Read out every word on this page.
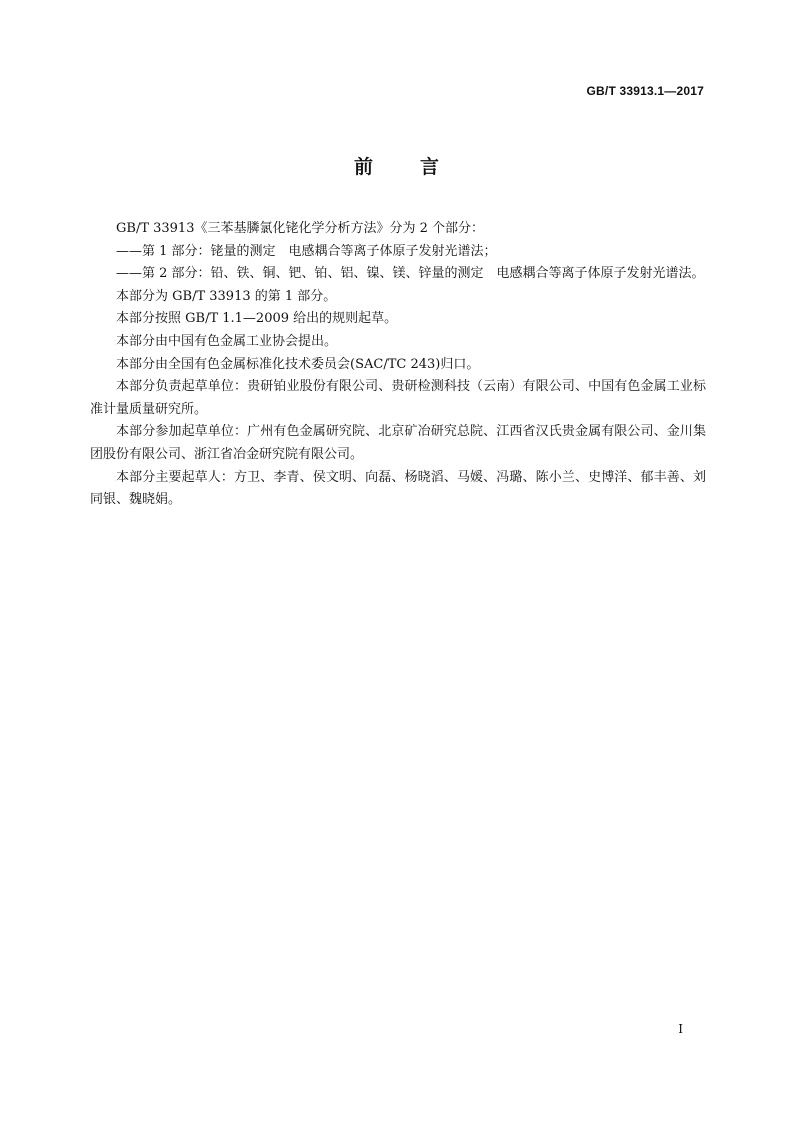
GB/T 33913.1—2017
前 言

GB/T 33913《三苯基膦氯化铑化学分析方法》分为 2 个部分：

——第 1 部分：铑量的测定　电感耦合等离子体原子发射光谱法；

——第 2 部分：铅、铁、铜、钯、铂、铝、镍、镁、锌量的测定　电感耦合等离子体原子发射光谱法。

本部分为 GB/T 33913 的第 1 部分。

本部分按照 GB/T 1.1—2009 给出的规则起草。

本部分由中国有色金属工业协会提出。

本部分由全国有色金属标准化技术委员会(SAC/TC 243)归口。

本部分负责起草单位：贵研铂业股份有限公司、贵研检测科技（云南）有限公司、中国有色金属工业标准计量质量研究所。

本部分参加起草单位：广州有色金属研究院、北京矿冶研究总院、江西省汉氏贵金属有限公司、金川集团股份有限公司、浙江省冶金研究院有限公司。

本部分主要起草人：方卫、李青、侯文明、向磊、杨晓滔、马媛、冯璐、陈小兰、史博洋、郁丰善、刘同银、魏晓娟。

I
